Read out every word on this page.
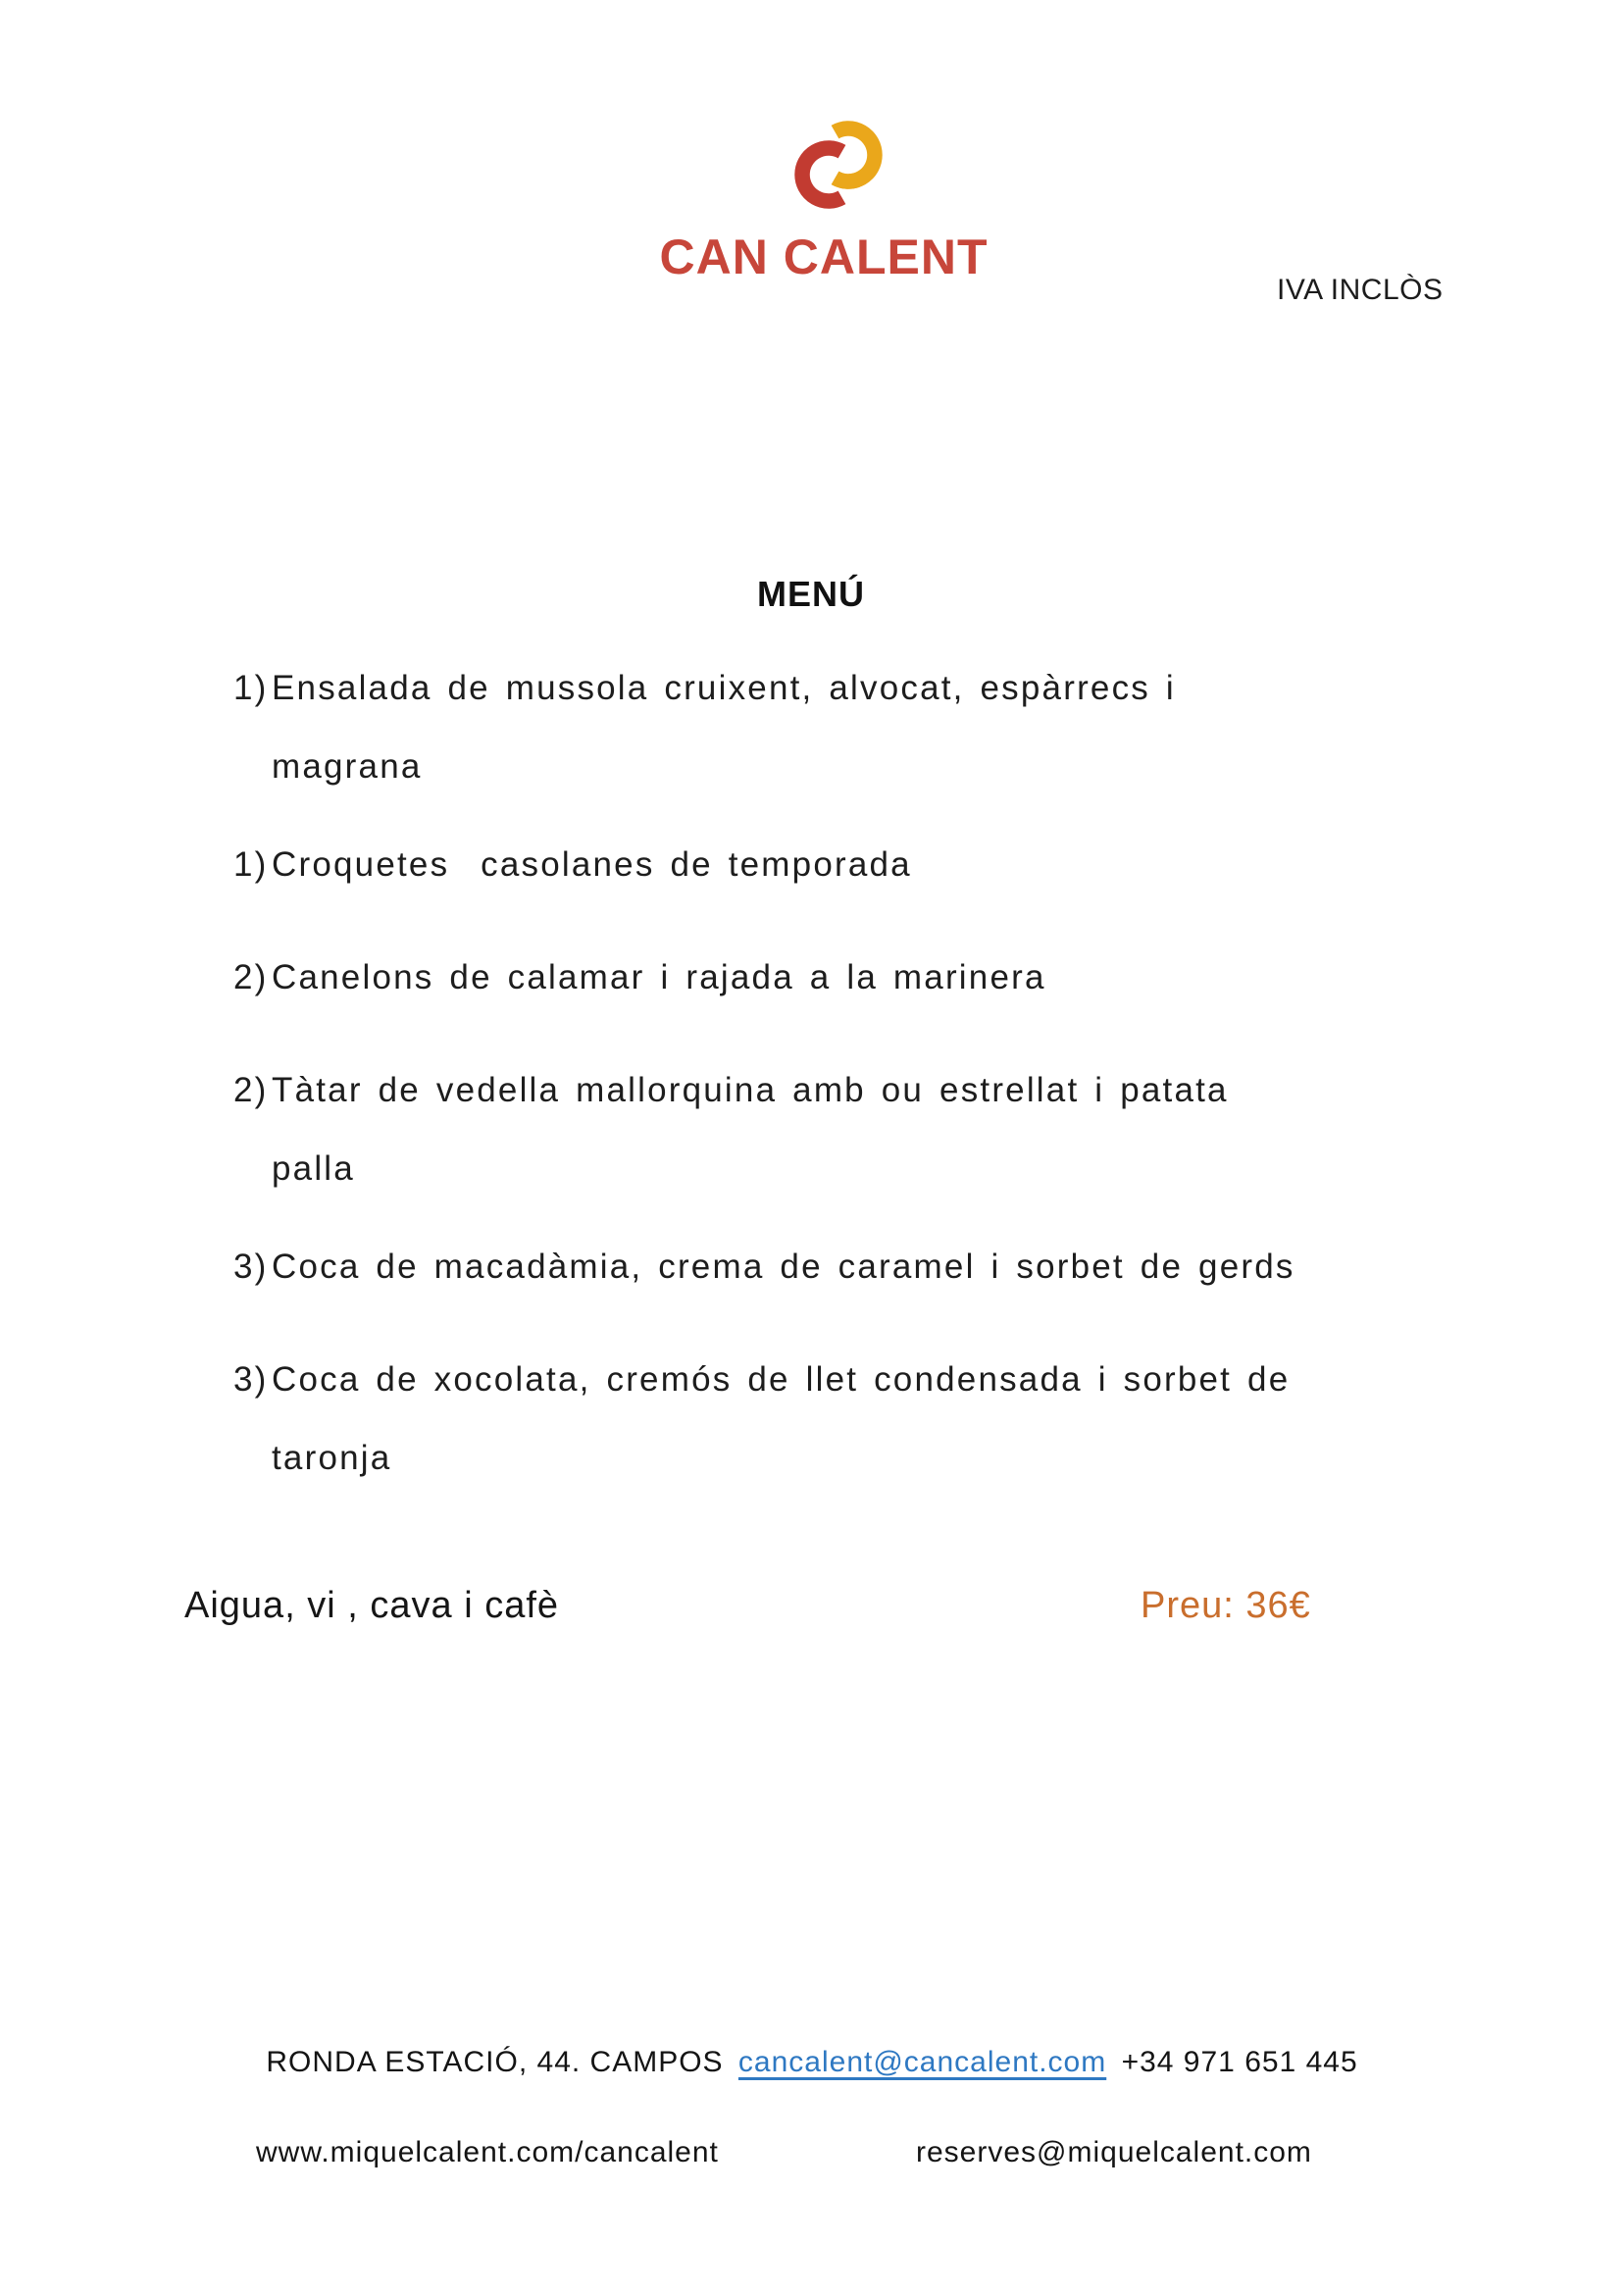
CAN CALENT
IVA INCLÒS
MENÚ
1) Ensalada de mussola cruixent, alvocat, espàrrecs i
magrana
1) Croquetes  casolanes de temporada
2) Canelons de calamar i rajada a la marinera
2) Tàtar de vedella mallorquina amb ou estrellat i patata
palla
3) Coca de macadàmia, crema de caramel i sorbet de gerds
3) Coca de xocolata, cremós de llet condensada i sorbet de
taronja
Aigua, vi , cava i cafè	Preu: 36€
RONDA ESTACIÓ, 44. CAMPOS cancalent@cancalent.com +34 971 651 445
www.miquelcalent.com/cancalent	reserves@miquelcalent.com
